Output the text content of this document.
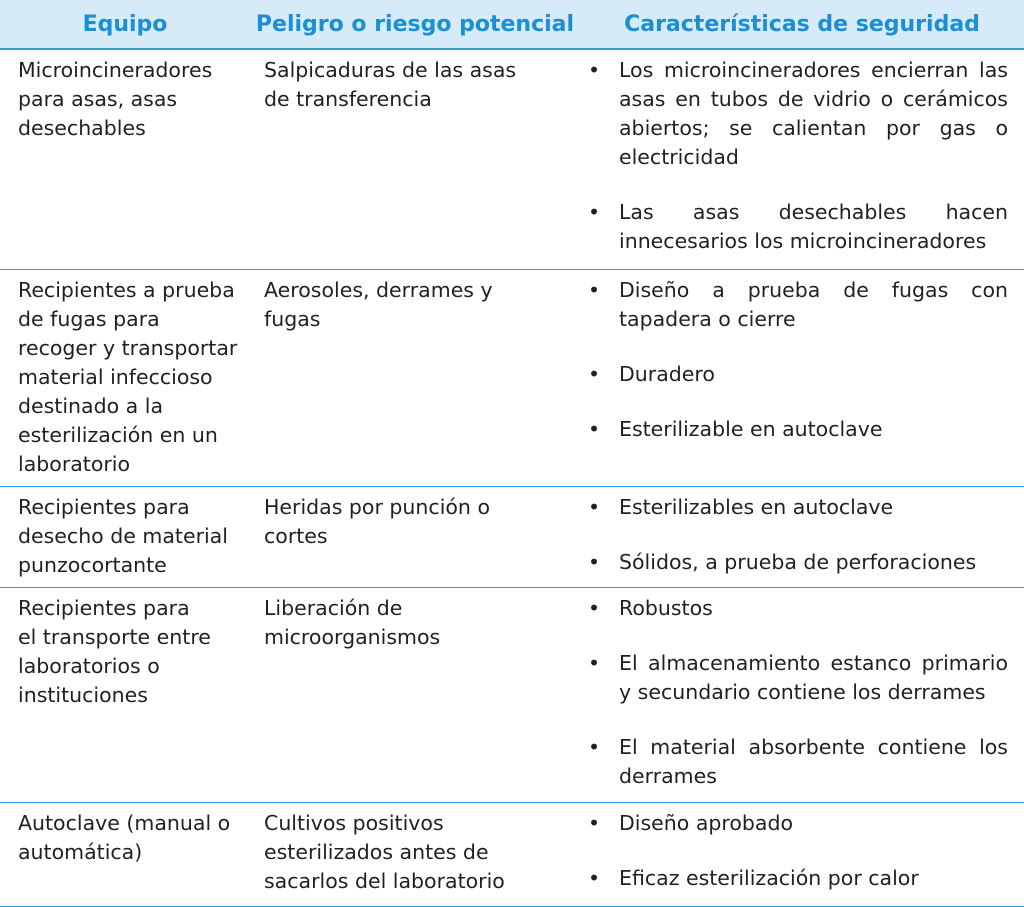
Equipo	Peligro o riesgo potencial	Características de seguridad
Microincineradores
para asas, asas
desechables
Salpicaduras de las asas
de transferencia
• Los microincineradores encierran las asas en tubos de vidrio o cerámicos abiertos; se calientan por gas o electricidad
• Las asas desechables hacen innecesarios los microincineradores
Recipientes a prueba
de fugas para
recoger y transportar
material infeccioso
destinado a la
esterilización en un
laboratorio
Aerosoles, derrames y
fugas
• Diseño a prueba de fugas con tapadera o cierre
• Duradero
• Esterilizable en autoclave
Recipientes para
desecho de material
punzocortante
Heridas por punción o
cortes
• Esterilizables en autoclave
• Sólidos, a prueba de perforaciones
Recipientes para
el transporte entre
laboratorios o
instituciones
Liberación de
microorganismos
• Robustos
• El almacenamiento estanco primario y secundario contiene los derrames
• El material absorbente contiene los derrames
Autoclave (manual o
automática)
Cultivos positivos
esterilizados antes de
sacarlos del laboratorio
• Diseño aprobado
• Eficaz esterilización por calor
